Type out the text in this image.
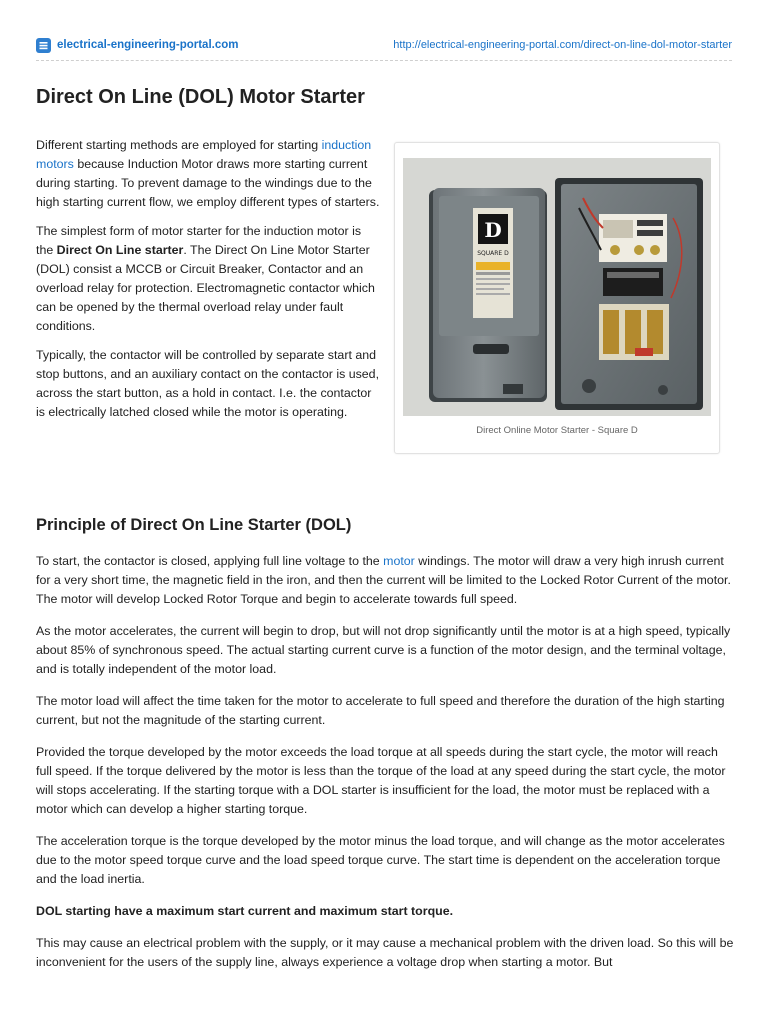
electrical-engineering-portal.com	http://electrical-engineering-portal.com/direct-on-line-dol-motor-starter
Direct On Line (DOL) Motor Starter

Different starting methods are employed for starting induction motors because Induction Motor draws more starting current during starting. To prevent damage to the windings due to the high starting current flow, we employ different types of starters.

The simplest form of motor starter for the induction motor is the Direct On Line starter. The Direct On Line Motor Starter (DOL) consist a MCCB or Circuit Breaker, Contactor and an overload relay for protection. Electromagnetic contactor which can be opened by the thermal overload relay under fault conditions.

Typically, the contactor will be controlled by separate start and stop buttons, and an auxiliary contact on the contactor is used, across the start button, as a hold in contact. I.e. the contactor is electrically latched closed while the motor is operating.

D
SQUARE D
Direct Online Motor Starter - Square D
Principle of Direct On Line Starter (DOL)

To start, the contactor is closed, applying full line voltage to the motor windings. The motor will draw a very high inrush current for a very short time, the magnetic field in the iron, and then the current will be limited to the Locked Rotor Current of the motor. The motor will develop Locked Rotor Torque and begin to accelerate towards full speed.

As the motor accelerates, the current will begin to drop, but will not drop significantly until the motor is at a high speed, typically about 85% of synchronous speed. The actual starting current curve is a function of the motor design, and the terminal voltage, and is totally independent of the motor load.

The motor load will affect the time taken for the motor to accelerate to full speed and therefore the duration of the high starting current, but not the magnitude of the starting current.

Provided the torque developed by the motor exceeds the load torque at all speeds during the start cycle, the motor will reach full speed. If the torque delivered by the motor is less than the torque of the load at any speed during the start cycle, the motor will stops accelerating. If the starting torque with a DOL starter is insufficient for the load, the motor must be replaced with a motor which can develop a higher starting torque.

The acceleration torque is the torque developed by the motor minus the load torque, and will change as the motor accelerates due to the motor speed torque curve and the load speed torque curve. The start time is dependent on the acceleration torque and the load inertia.

DOL starting have a maximum start current and maximum start torque.

This may cause an electrical problem with the supply, or it may cause a mechanical problem with the driven load. So this will be inconvenient for the users of the supply line, always experience a voltage drop when starting a motor. But
